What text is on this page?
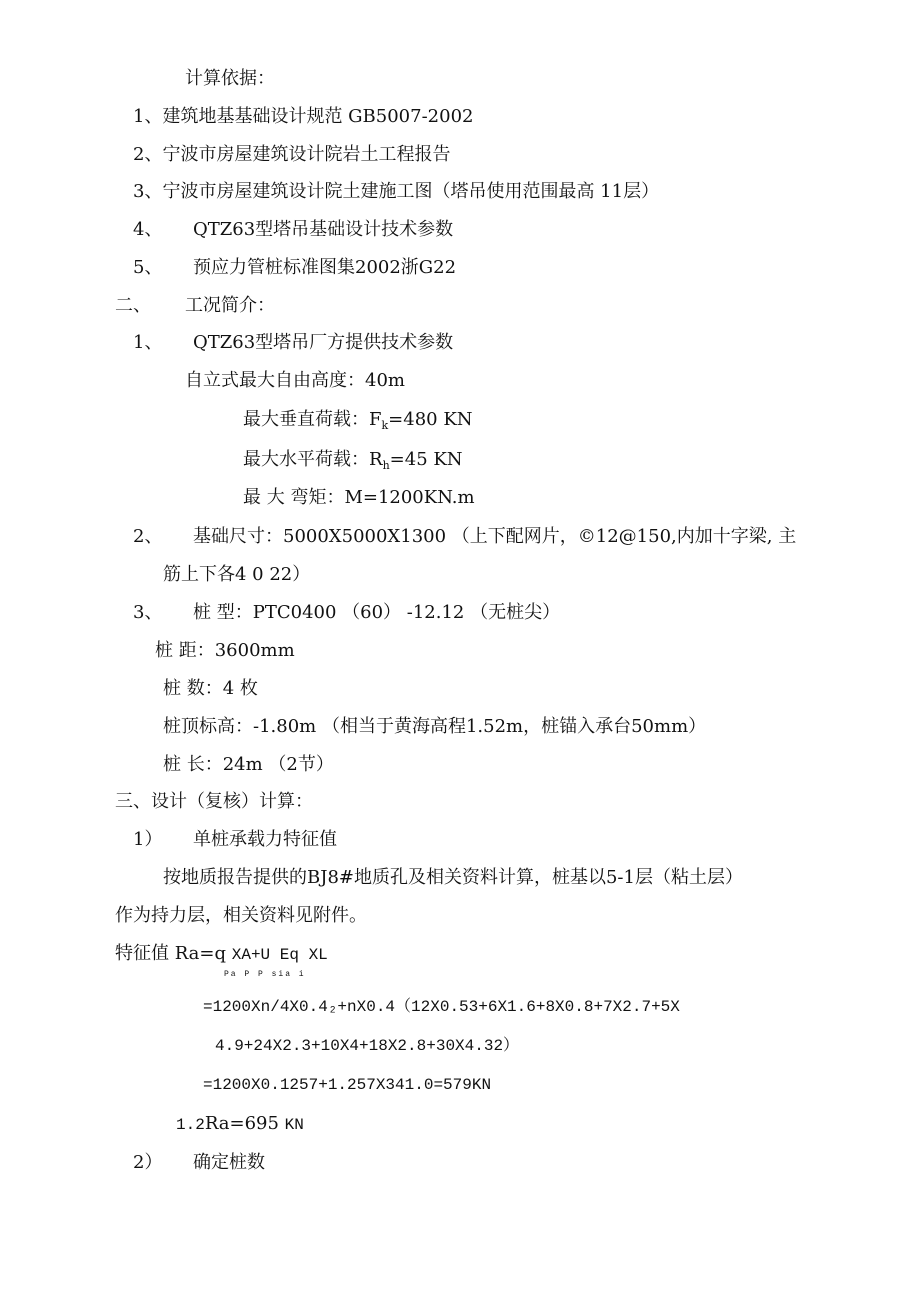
计算依据：
1、建筑地基基础设计规范 GB5007-2002
2、宁波市房屋建筑设计院岩土工程报告
3、宁波市房屋建筑设计院土建施工图（塔吊使用范围最高 11层）
4、 QTZ63型塔吊基础设计技术参数
5、 预应力管桩标准图集2002浙G22
二、 工况简介：
1、 QTZ63型塔吊厂方提供技术参数
自立式最大自由高度：40m
最大垂直荷载：$F_k=480$ KN
最大水平荷载：$R_h=45$ KN
最 大 弯矩：M=1200KN.m
2、 基础尺寸：5000X5000X1300 （上下配网片，©12@150,内加十字梁, 主
筋上下各4 0 22）
3、 桩 型：PTC0400 （60） -12.12 （无桩尖）
桩 距：3600mm
桩 数：4 枚
桩顶标高：-1.80m （相当于黄海高程1.52m，桩锚入承台50mm）
桩 长：24m （2节）
三、设计（复核）计算：
1） 单桩承载力特征值
按地质报告提供的BJ8#地质孔及相关资料计算，桩基以5-1层（粘土层）
作为持力层，相关资料见附件。
特征值 Ra=q XA+U Eq XL
Pa P P sia i
=1200Xn/4X0.4₂+nX0.4（12X0.53+6X1.6+8X0.8+7X2.7+5X
4.9+24X2.3+10X4+18X2.8+30X4.32）
=1200X0.1257+1.257X341.0=579KN
1.2Ra=695 KN
2） 确定桩数
